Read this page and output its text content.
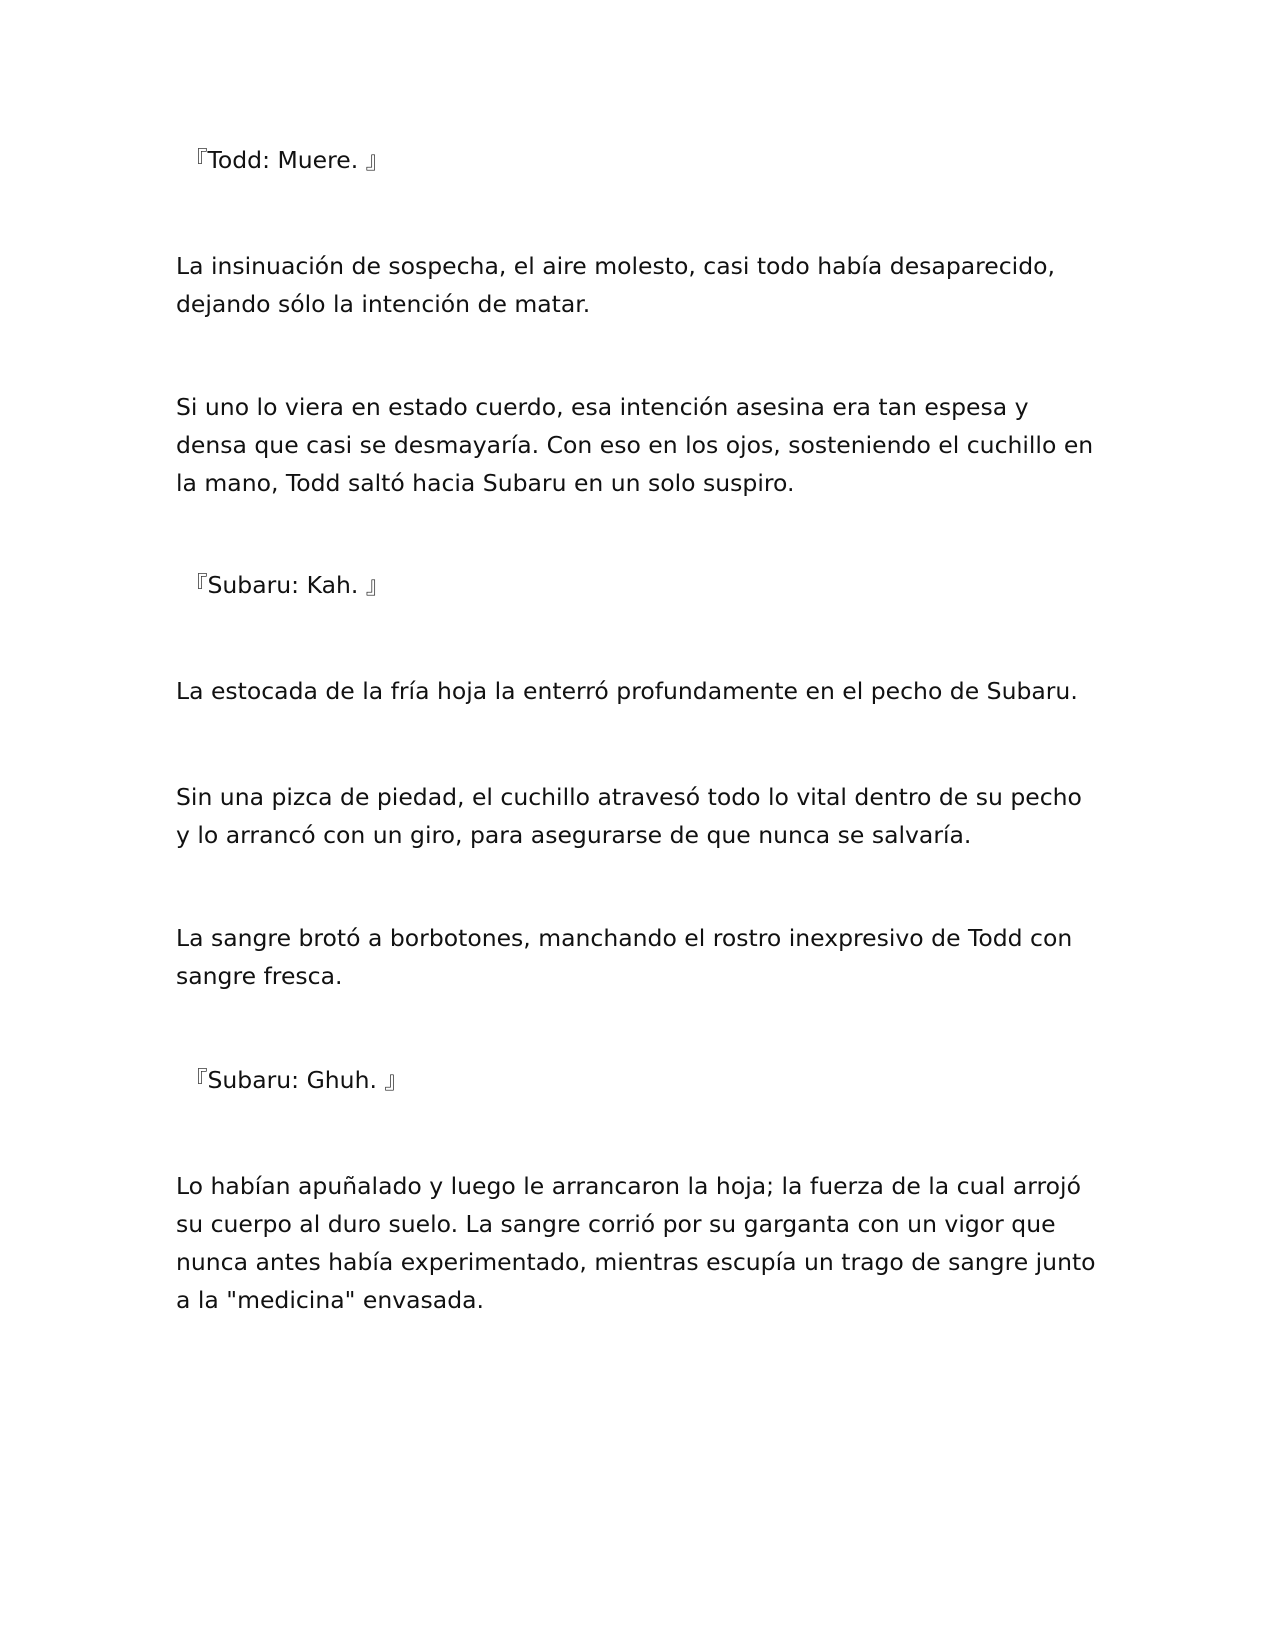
『Todd: Muere. 』

La insinuación de sospecha, el aire molesto, casi todo había desaparecido,
dejando sólo la intención de matar.

Si uno lo viera en estado cuerdo, esa intención asesina era tan espesa y
densa que casi se desmayaría. Con eso en los ojos, sosteniendo el cuchillo en
la mano, Todd saltó hacia Subaru en un solo suspiro.

『Subaru: Kah. 』

La estocada de la fría hoja la enterró profundamente en el pecho de Subaru.

Sin una pizca de piedad, el cuchillo atravesó todo lo vital dentro de su pecho
y lo arrancó con un giro, para asegurarse de que nunca se salvaría.

La sangre brotó a borbotones, manchando el rostro inexpresivo de Todd con
sangre fresca.

『Subaru: Ghuh. 』

Lo habían apuñalado y luego le arrancaron la hoja; la fuerza de la cual arrojó
su cuerpo al duro suelo. La sangre corrió por su garganta con un vigor que
nunca antes había experimentado, mientras escupía un trago de sangre junto
a la "medicina" envasada.
